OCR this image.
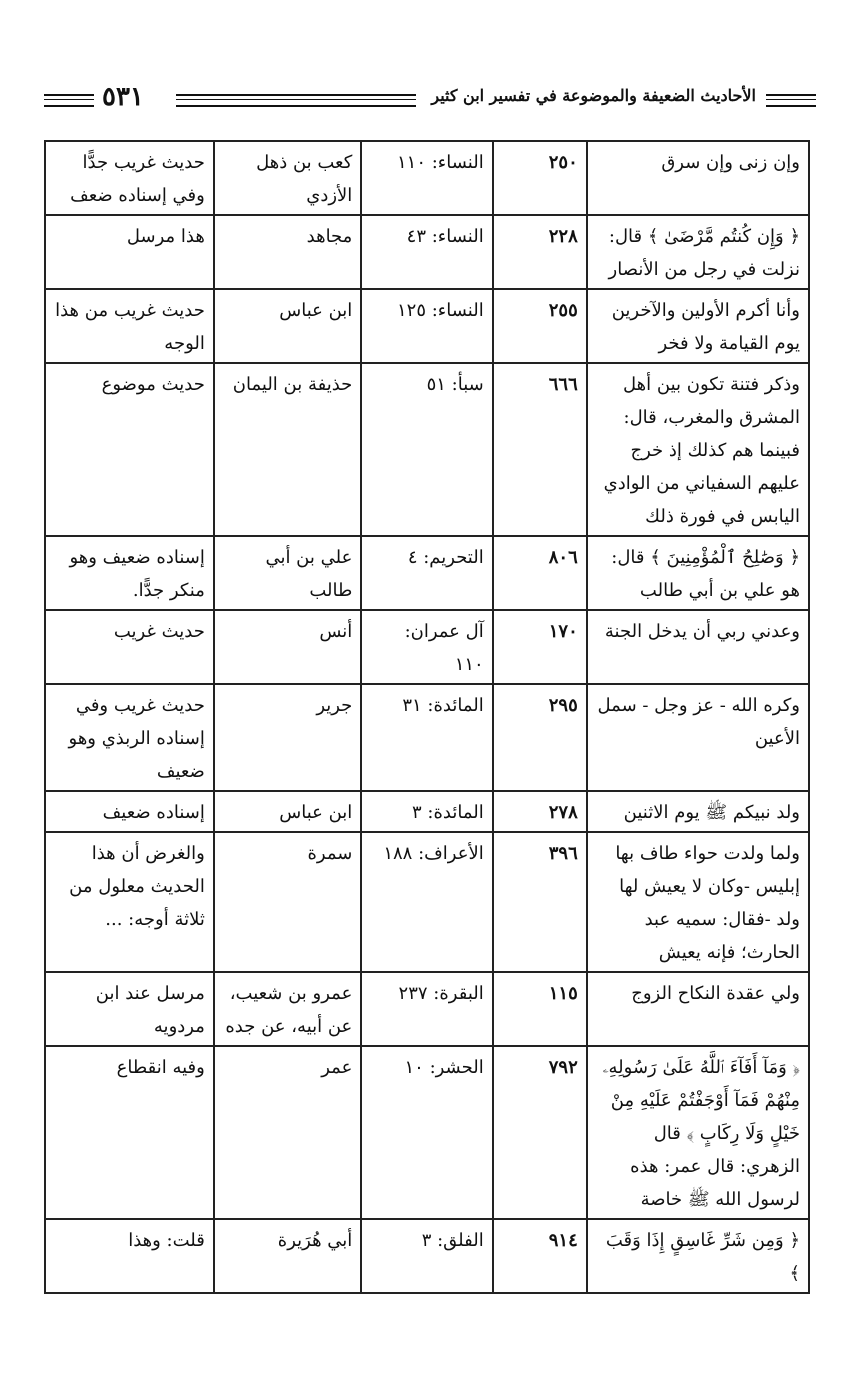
الأحاديث الضعيفة والموضوعة في تفسير ابن كثير
٥٣١
وإن زنى وإن سرق	٢٥٠	النساء: ١١٠	كعب بن ذهل الأزدي	حديث غريب جدًّا وفي إسناده ضعف
﴿ وَإِن كُنتُم مَّرْضَىٰ ﴾ قال: نزلت في رجل من الأنصار	٢٢٨	النساء: ٤٣	مجاهد	هذا مرسل
وأنا أكرم الأولين والآخرين يوم القيامة ولا فخر	٢٥٥	النساء: ١٢٥	ابن عباس	حديث غريب من هذا الوجه
وذكر فتنة تكون بين أهل المشرق والمغرب، قال: فبينما هم كذلك إذ خرج عليهم السفياني من الوادي اليابس في فورة ذلك	٦٦٦	سبأ: ٥١	حذيفة بن اليمان	حديث موضوع
﴿ وَصَٰلِحُ ٱلْمُؤْمِنِينَ ﴾ قال: هو علي بن أبي طالب	٨٠٦	التحريم: ٤	علي بن أبي طالب	إسناده ضعيف وهو منكر جدًّا.
وعدني ربي أن يدخل الجنة	١٧٠	آل عمران: ١١٠	أنس	حديث غريب
وكره الله - عز وجل - سمل الأعين	٢٩٥	المائدة: ٣١	جرير	حديث غريب وفي إسناده الربذي وهو ضعيف
ولد نبيكم ﷺ يوم الاثنين	٢٧٨	المائدة: ٣	ابن عباس	إسناده ضعيف
ولما ولدت حواء طاف بها إبليس -وكان لا يعيش لها ولد -فقال: سميه عبد الحارث؛ فإنه يعيش	٣٩٦	الأعراف: ١٨٨	سمرة	والغرض أن هذا الحديث معلول من ثلاثة أوجه: ...
ولي عقدة النكاح الزوج	١١٥	البقرة: ٢٣٧	عمرو بن شعيب، عن أبيه، عن جده	مرسل عند ابن مردويه
﴿ وَمَآ أَفَآءَ ٱللَّهُ عَلَىٰ رَسُولِهِۦ مِنْهُمْ فَمَآ أَوْجَفْتُمْ عَلَيْهِ مِنْ خَيْلٍ وَلَا رِكَابٍ ﴾ قال الزهري: قال عمر: هذه لرسول الله ﷺ خاصة	٧٩٢	الحشر: ١٠	عمر	وفيه انقطاع
﴿ وَمِن شَرِّ غَاسِقٍ إِذَا وَقَبَ ﴾	٩١٤	الفلق: ٣	أبي هُرَيرة	قلت: وهذا
